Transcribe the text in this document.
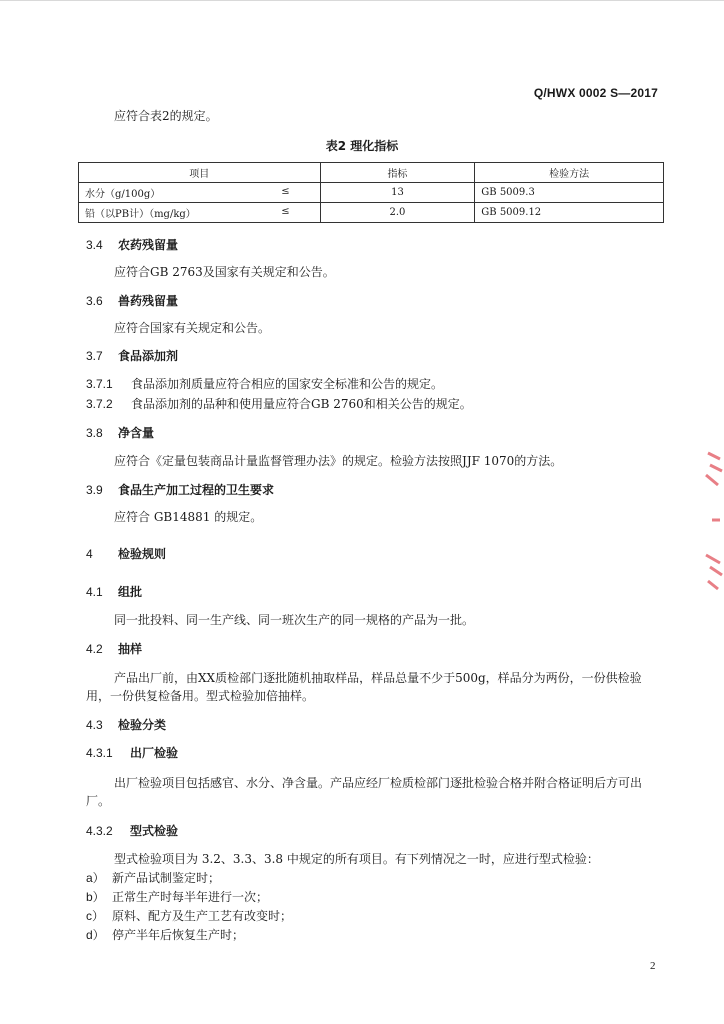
Q/HWX 0002 S—2017

应符合表2的规定。

表2 理化指标
项目	指标	检验方法
水分（g/100g） ≤	13	GB 5009.3
铅（以PB计）（mg/kg） ≤	2.0	GB 5009.12
3.4 农药残留量

应符合GB 2763及国家有关规定和公告。

3.6 兽药残留量

应符合国家有关规定和公告。

3.7 食品添加剂

3.7.1 食品添加剂质量应符合相应的国家安全标准和公告的规定。

3.7.2 食品添加剂的品种和使用量应符合GB 2760和相关公告的规定。

3.8 净含量

应符合《定量包装商品计量监督管理办法》的规定。检验方法按照JJF 1070的方法。

3.9 食品生产加工过程的卫生要求

应符合 GB14881 的规定。

4 检验规则
4.1 组批

同一批投料、同一生产线、同一班次生产的同一规格的产品为一批。

4.2 抽样

产品出厂前，由XX质检部门逐批随机抽取样品，样品总量不少于500g，样品分为两份，一份供检验用，一份供复检备用。型式检验加倍抽样。

4.3 检验分类
4.3.1 出厂检验

出厂检验项目包括感官、水分、净含量。产品应经厂检质检部门逐批检验合格并附合格证明后方可出厂。

4.3.2 型式检验

型式检验项目为 3.2、3.3、3.8 中规定的所有项目。有下列情况之一时，应进行型式检验：

a） 新产品试制鉴定时；

b） 正常生产时每半年进行一次；

c） 原料、配方及生产工艺有改变时；

d） 停产半年后恢复生产时；

2
